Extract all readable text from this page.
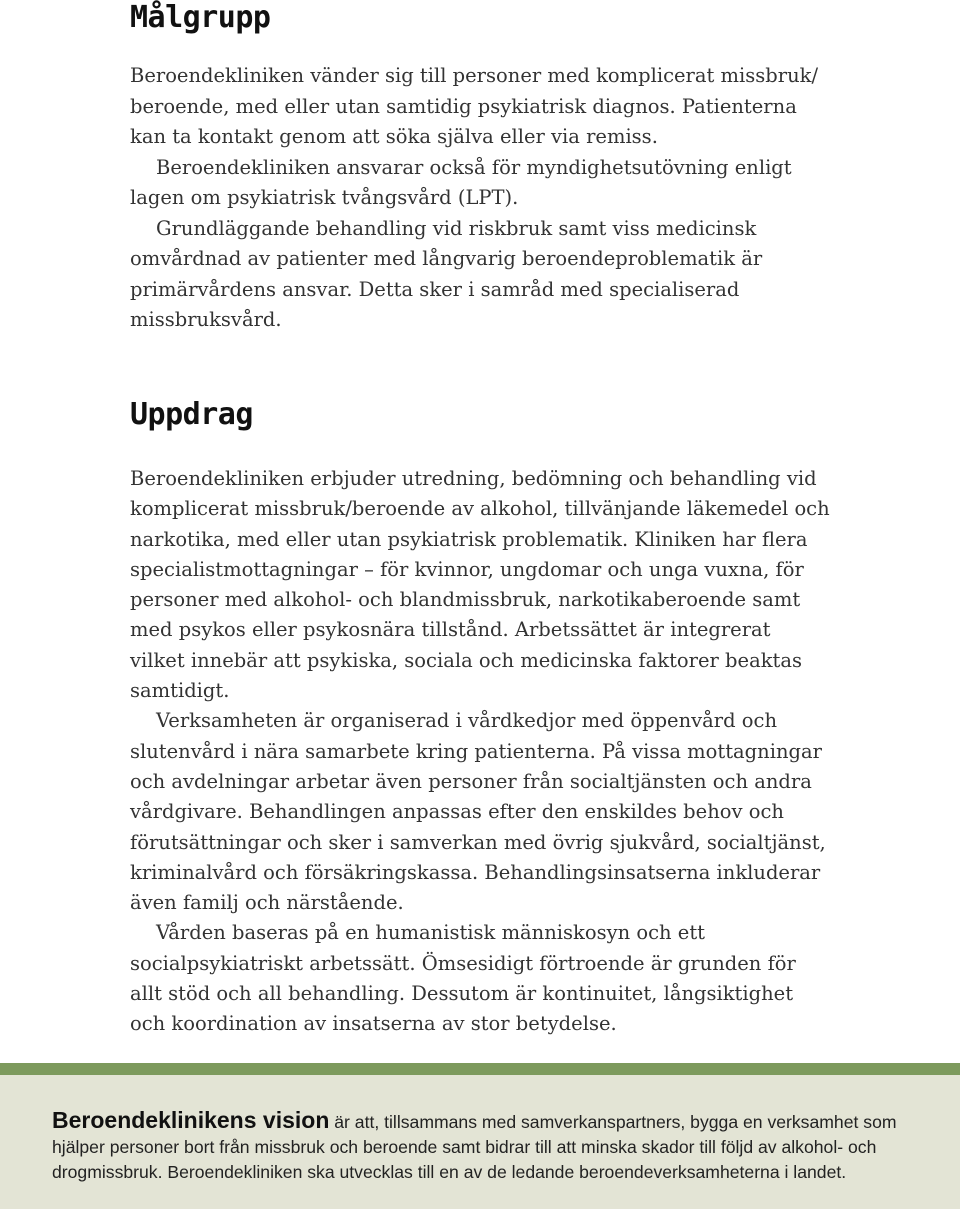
Målgrupp

Beroendekliniken vänder sig till personer med komplicerat missbruk/ beroende, med eller utan samtidig psykiatrisk diagnos. Patienterna kan ta kontakt genom att söka själva eller via remiss.

Beroendekliniken ansvarar också för myndighetsutövning enligt lagen om psykiatrisk tvångsvård (LPT).

Grundläggande behandling vid riskbruk samt viss medicinsk omvårdnad av patienter med långvarig beroendeproblematik är primärvårdens ansvar. Detta sker i samråd med specialiserad missbruksvård.

Uppdrag

Beroendekliniken erbjuder utredning, bedömning och behandling vid komplicerat missbruk/beroende av alkohol, tillvänjande läkemedel och narkotika, med eller utan psykiatrisk problematik. Kliniken har flera specialistmottagningar – för kvinnor, ungdomar och unga vuxna, för personer med alkohol- och blandmissbruk, narkotikaberoende samt med psykos eller psykosnära tillstånd. Arbetssättet är integrerat vilket innebär att psykiska, sociala och medicinska faktorer beaktas samtidigt.

Verksamheten är organiserad i vårdkedjor med öppenvård och slutenvård i nära samarbete kring patienterna. På vissa mottagningar och avdelningar arbetar även personer från socialtjänsten och andra vårdgivare. Behandlingen anpassas efter den enskildes behov och förutsättningar och sker i samverkan med övrig sjukvård, socialtjänst, kriminalvård och försäkringskassa. Behandlingsinsatserna inkluderar även familj och närstående.

Vården baseras på en humanistisk människosyn och ett socialpsykiatriskt arbetssätt. Ömsesidigt förtroende är grunden för allt stöd och all behandling. Dessutom är kontinuitet, långsiktighet och koordination av insatserna av stor betydelse.

Beroendeklinikens vision är att, tillsammans med samverkanspartners, bygga en verksamhet som hjälper personer bort från missbruk och beroende samt bidrar till att minska skador till följd av alkohol- och drogmissbruk. Beroendekliniken ska utvecklas till en av de ledande beroendeverksamheterna i landet.
